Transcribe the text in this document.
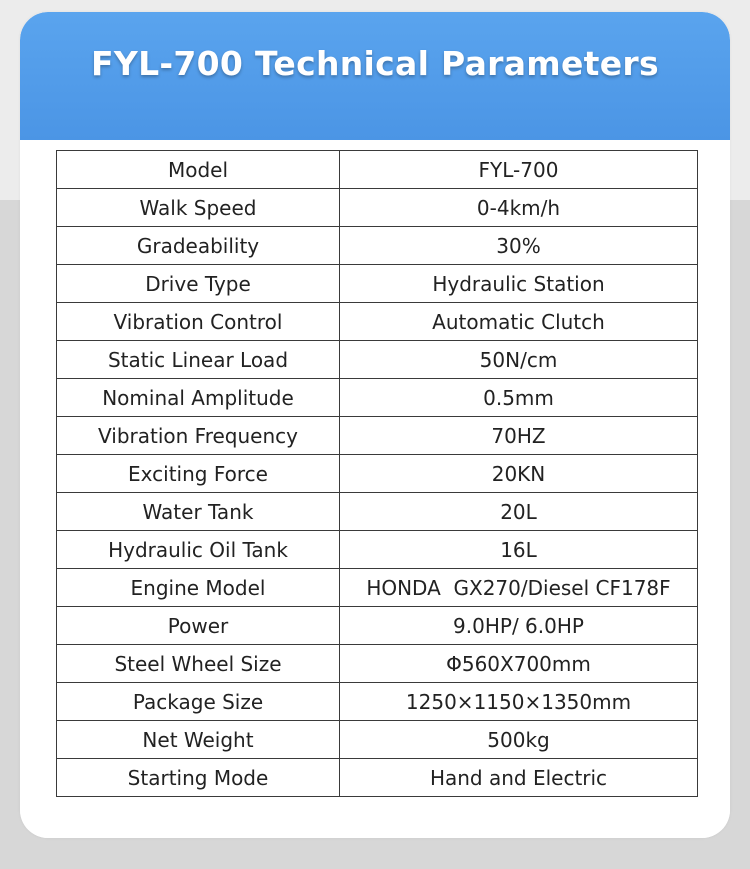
FYL-700 Technical Parameters
Model	FYL-700
Walk Speed	0-4km/h
Gradeability	30%
Drive Type	Hydraulic Station
Vibration Control	Automatic Clutch
Static Linear Load	50N/cm
Nominal Amplitude	0.5mm
Vibration Frequency	70HZ
Exciting Force	20KN
Water Tank	20L
Hydraulic Oil Tank	16L
Engine Model	HONDA  GX270/Diesel CF178F
Power	9.0HP/ 6.0HP
Steel Wheel Size	Φ560X700mm
Package Size	1250×1150×1350mm
Net Weight	500kg
Starting Mode	Hand and Electric
